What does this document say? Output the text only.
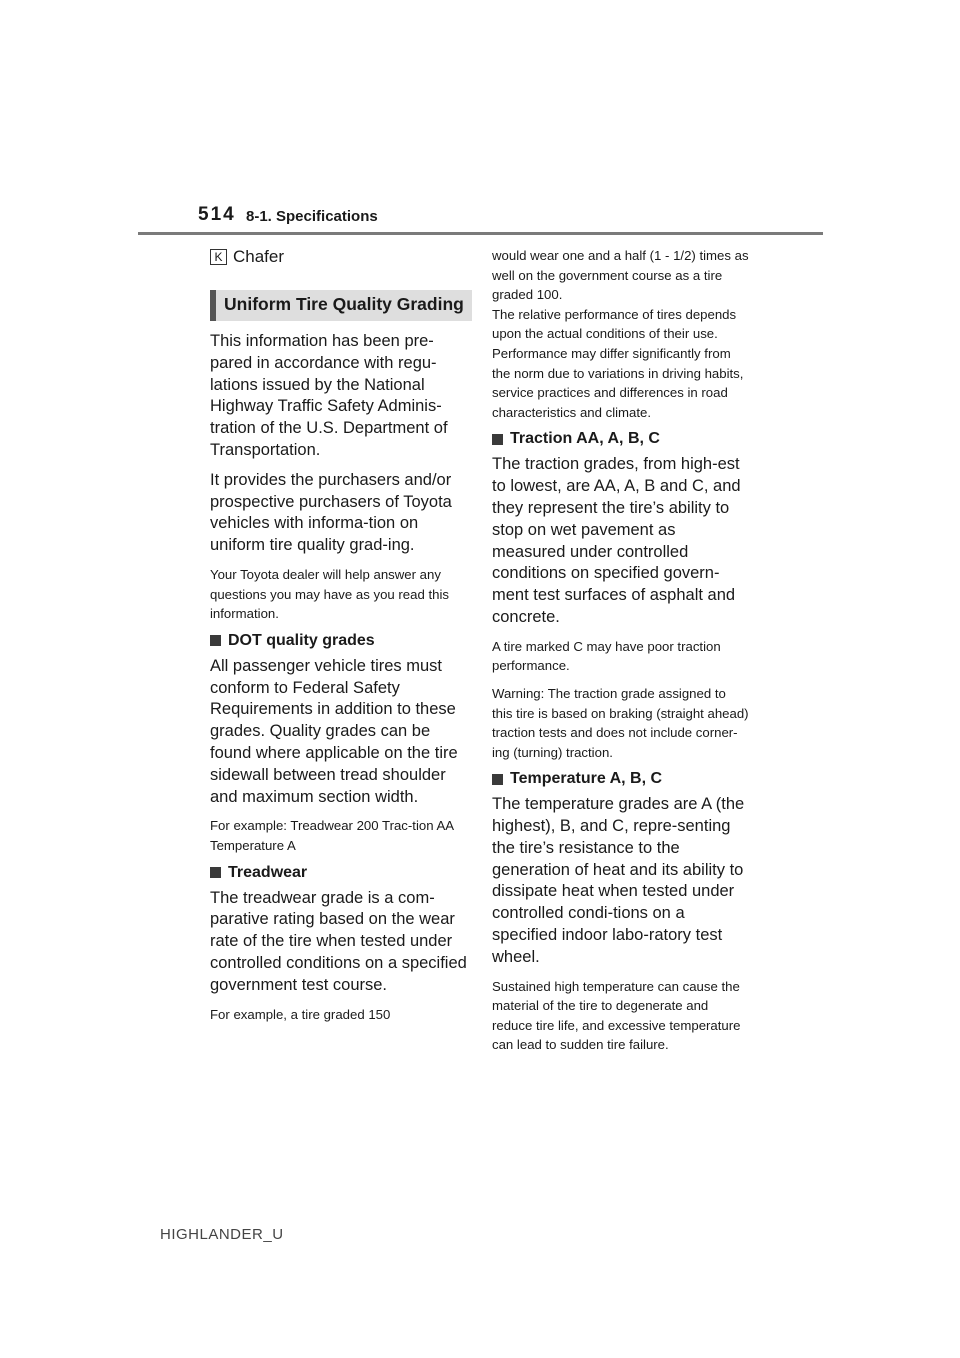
514 8-1. Specifications
K Chafer
Uniform Tire Quality Grading

This information has been pre-pared in accordance with regu-lations issued by the National Highway Traffic Safety Adminis-tration of the U.S. Department of Transportation.

It provides the purchasers and/or prospective purchasers of Toyota vehicles with informa-tion on uniform tire quality grad-ing.

Your Toyota dealer will help answer any questions you may have as you read this information.

DOT quality grades

All passenger vehicle tires must conform to Federal Safety Requirements in addition to these grades. Quality grades can be found where applicable on the tire sidewall between tread shoulder and maximum section width.

For example: Treadwear 200 Trac-tion AA Temperature A

Treadwear

The treadwear grade is a com-parative rating based on the wear rate of the tire when tested under controlled conditions on a specified government test course.

For example, a tire graded 150

would wear one and a half (1 - 1/2) times as well on the government course as a tire graded 100.

The relative performance of tires depends upon the actual conditions of their use. Performance may differ significantly from the norm due to variations in driving habits, service practices and differences in road characteristics and climate.

Traction AA, A, B, C

The traction grades, from high-est to lowest, are AA, A, B and C, and they represent the tire’s ability to stop on wet pavement as measured under controlled conditions on specified govern-ment test surfaces of asphalt and concrete.

A tire marked C may have poor traction performance.

Warning: The traction grade assigned to this tire is based on braking (straight ahead) traction tests and does not include corner-ing (turning) traction.

Temperature A, B, C

The temperature grades are A (the highest), B, and C, repre-senting the tire’s resistance to the generation of heat and its ability to dissipate heat when tested under controlled condi-tions on a specified indoor labo-ratory test wheel.

Sustained high temperature can cause the material of the tire to degenerate and reduce tire life, and excessive temperature can lead to sudden tire failure.

HIGHLANDER_U
